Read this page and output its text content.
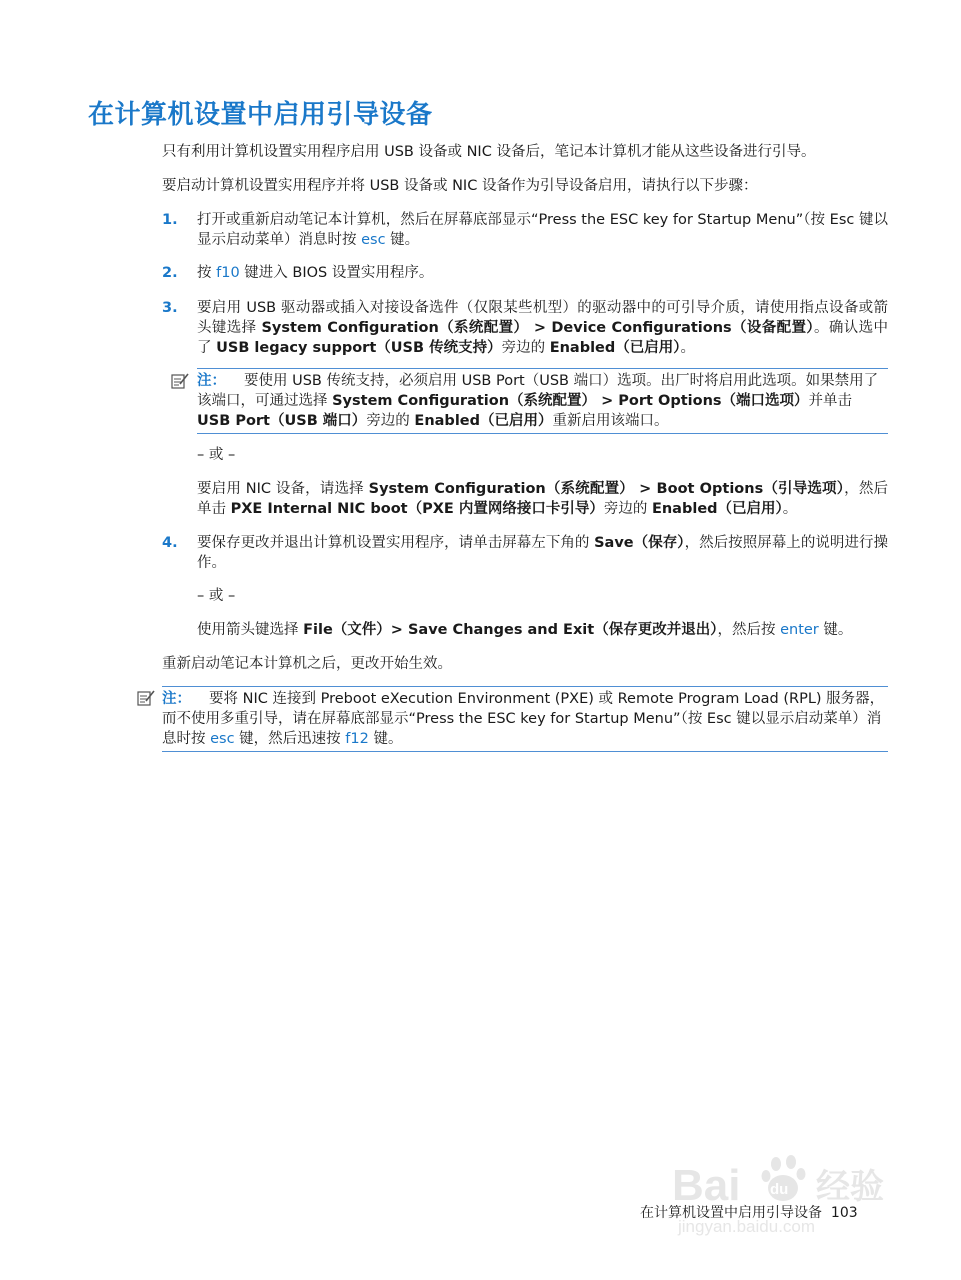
在计算机设置中启用引导设备
只有利用计算机设置实用程序启用 USB 设备或 NIC 设备后，笔记本计算机才能从这些设备进行引导。
要启动计算机设置实用程序并将 USB 设备或 NIC 设备作为引导设备启用，请执行以下步骤：
1. 打开或重新启动笔记本计算机，然后在屏幕底部显示“Press the ESC key for Startup Menu”（按 Esc 键以显示启动菜单）消息时按 esc 键。
2. 按 f10 键进入 BIOS 设置实用程序。
3. 要启用 USB 驱动器或插入对接设备选件（仅限某些机型）的驱动器中的可引导介质，请使用指点设备或箭头键选择 System Configuration（系统配置） > Device Configurations（设备配置）。确认选中了 USB legacy support（USB 传统支持）旁边的 Enabled（已启用）。
注： 要使用 USB 传统支持，必须启用 USB Port（USB 端口）选项。出厂时将启用此选项。如果禁用了该端口，可通过选择 System Configuration（系统配置） > Port Options（端口选项）并单击 USB Port（USB 端口）旁边的 Enabled（已启用）重新启用该端口。
– 或 –
要启用 NIC 设备，请选择 System Configuration（系统配置） > Boot Options（引导选项），然后单击 PXE Internal NIC boot（PXE 内置网络接口卡引导）旁边的 Enabled（已启用）。
4. 要保存更改并退出计算机设置实用程序，请单击屏幕左下角的 Save（保存），然后按照屏幕上的说明进行操作。
– 或 –
使用箭头键选择 File（文件）> Save Changes and Exit（保存更改并退出），然后按 enter 键。
重新启动笔记本计算机之后，更改开始生效。
注： 要将 NIC 连接到 Preboot eXecution Environment (PXE) 或 Remote Program Load (RPL) 服务器，而不使用多重引导，请在屏幕底部显示“Press the ESC key for Startup Menu”（按 Esc 键以显示启动菜单）消息时按 esc 键，然后迅速按 f12 键。
Bai du 经验
jingyan.baidu.com
在计算机设置中启用引导设备 103
